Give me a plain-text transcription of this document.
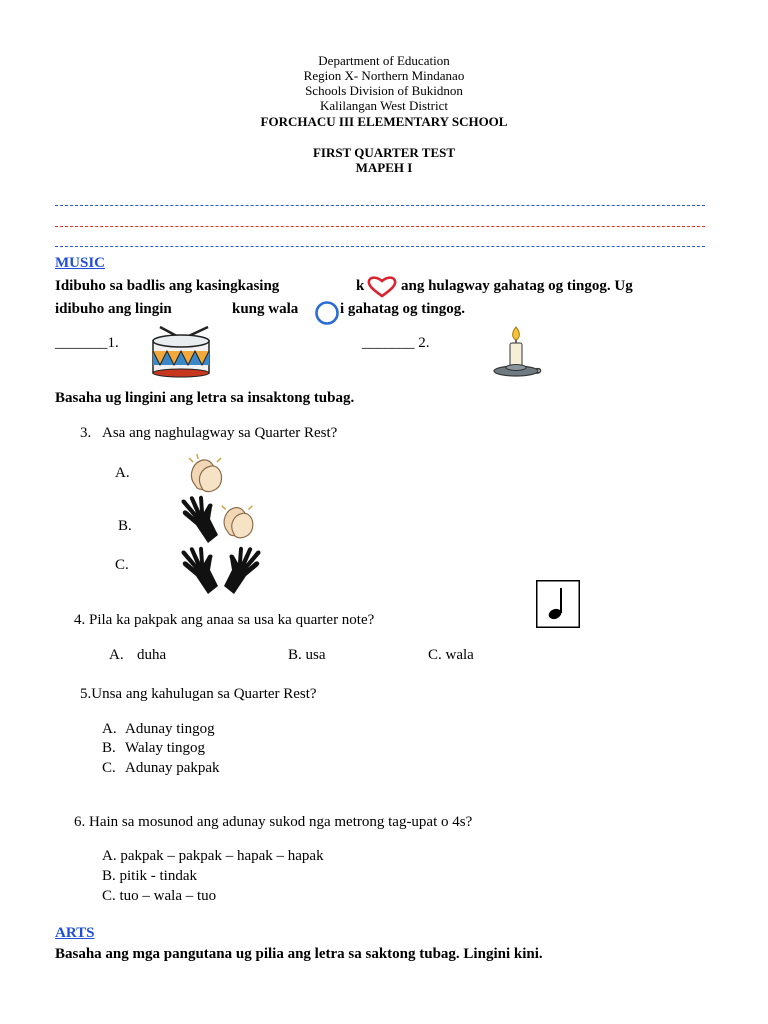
Department of Education
Region X- Northern Mindanao
Schools Division of Bukidnon
Kalilangan West District
FORCHACU III ELEMENTARY SCHOOL
FIRST QUARTER TEST
MAPEH I
MUSIC
Idibuho sa badlis ang kasingkasing	k ang hulagway gahatag og tingog. Ug
idibuho ang lingin	kung wala	i gahatag og tingog.
_______1.	_______ 2.
Basaha ug lingini ang letra sa insaktong tubag.
3. Asa ang naghulagway sa Quarter Rest?
A.
B.
C.
4. Pila ka pakpak ang anaa sa usa ka quarter note?
A. duha	B. usa	C. wala
5.Unsa ang kahulugan sa Quarter Rest?
A. Adunay tingog
B. Walay tingog
C. Adunay pakpak
6. Hain sa mosunod ang adunay sukod nga metrong tag-upat o 4s?
A. pakpak – pakpak – hapak – hapak
B. pitik - tindak
C. tuo – wala – tuo
ARTS
Basaha ang mga pangutana ug pilia ang letra sa saktong tubag. Lingini kini.
